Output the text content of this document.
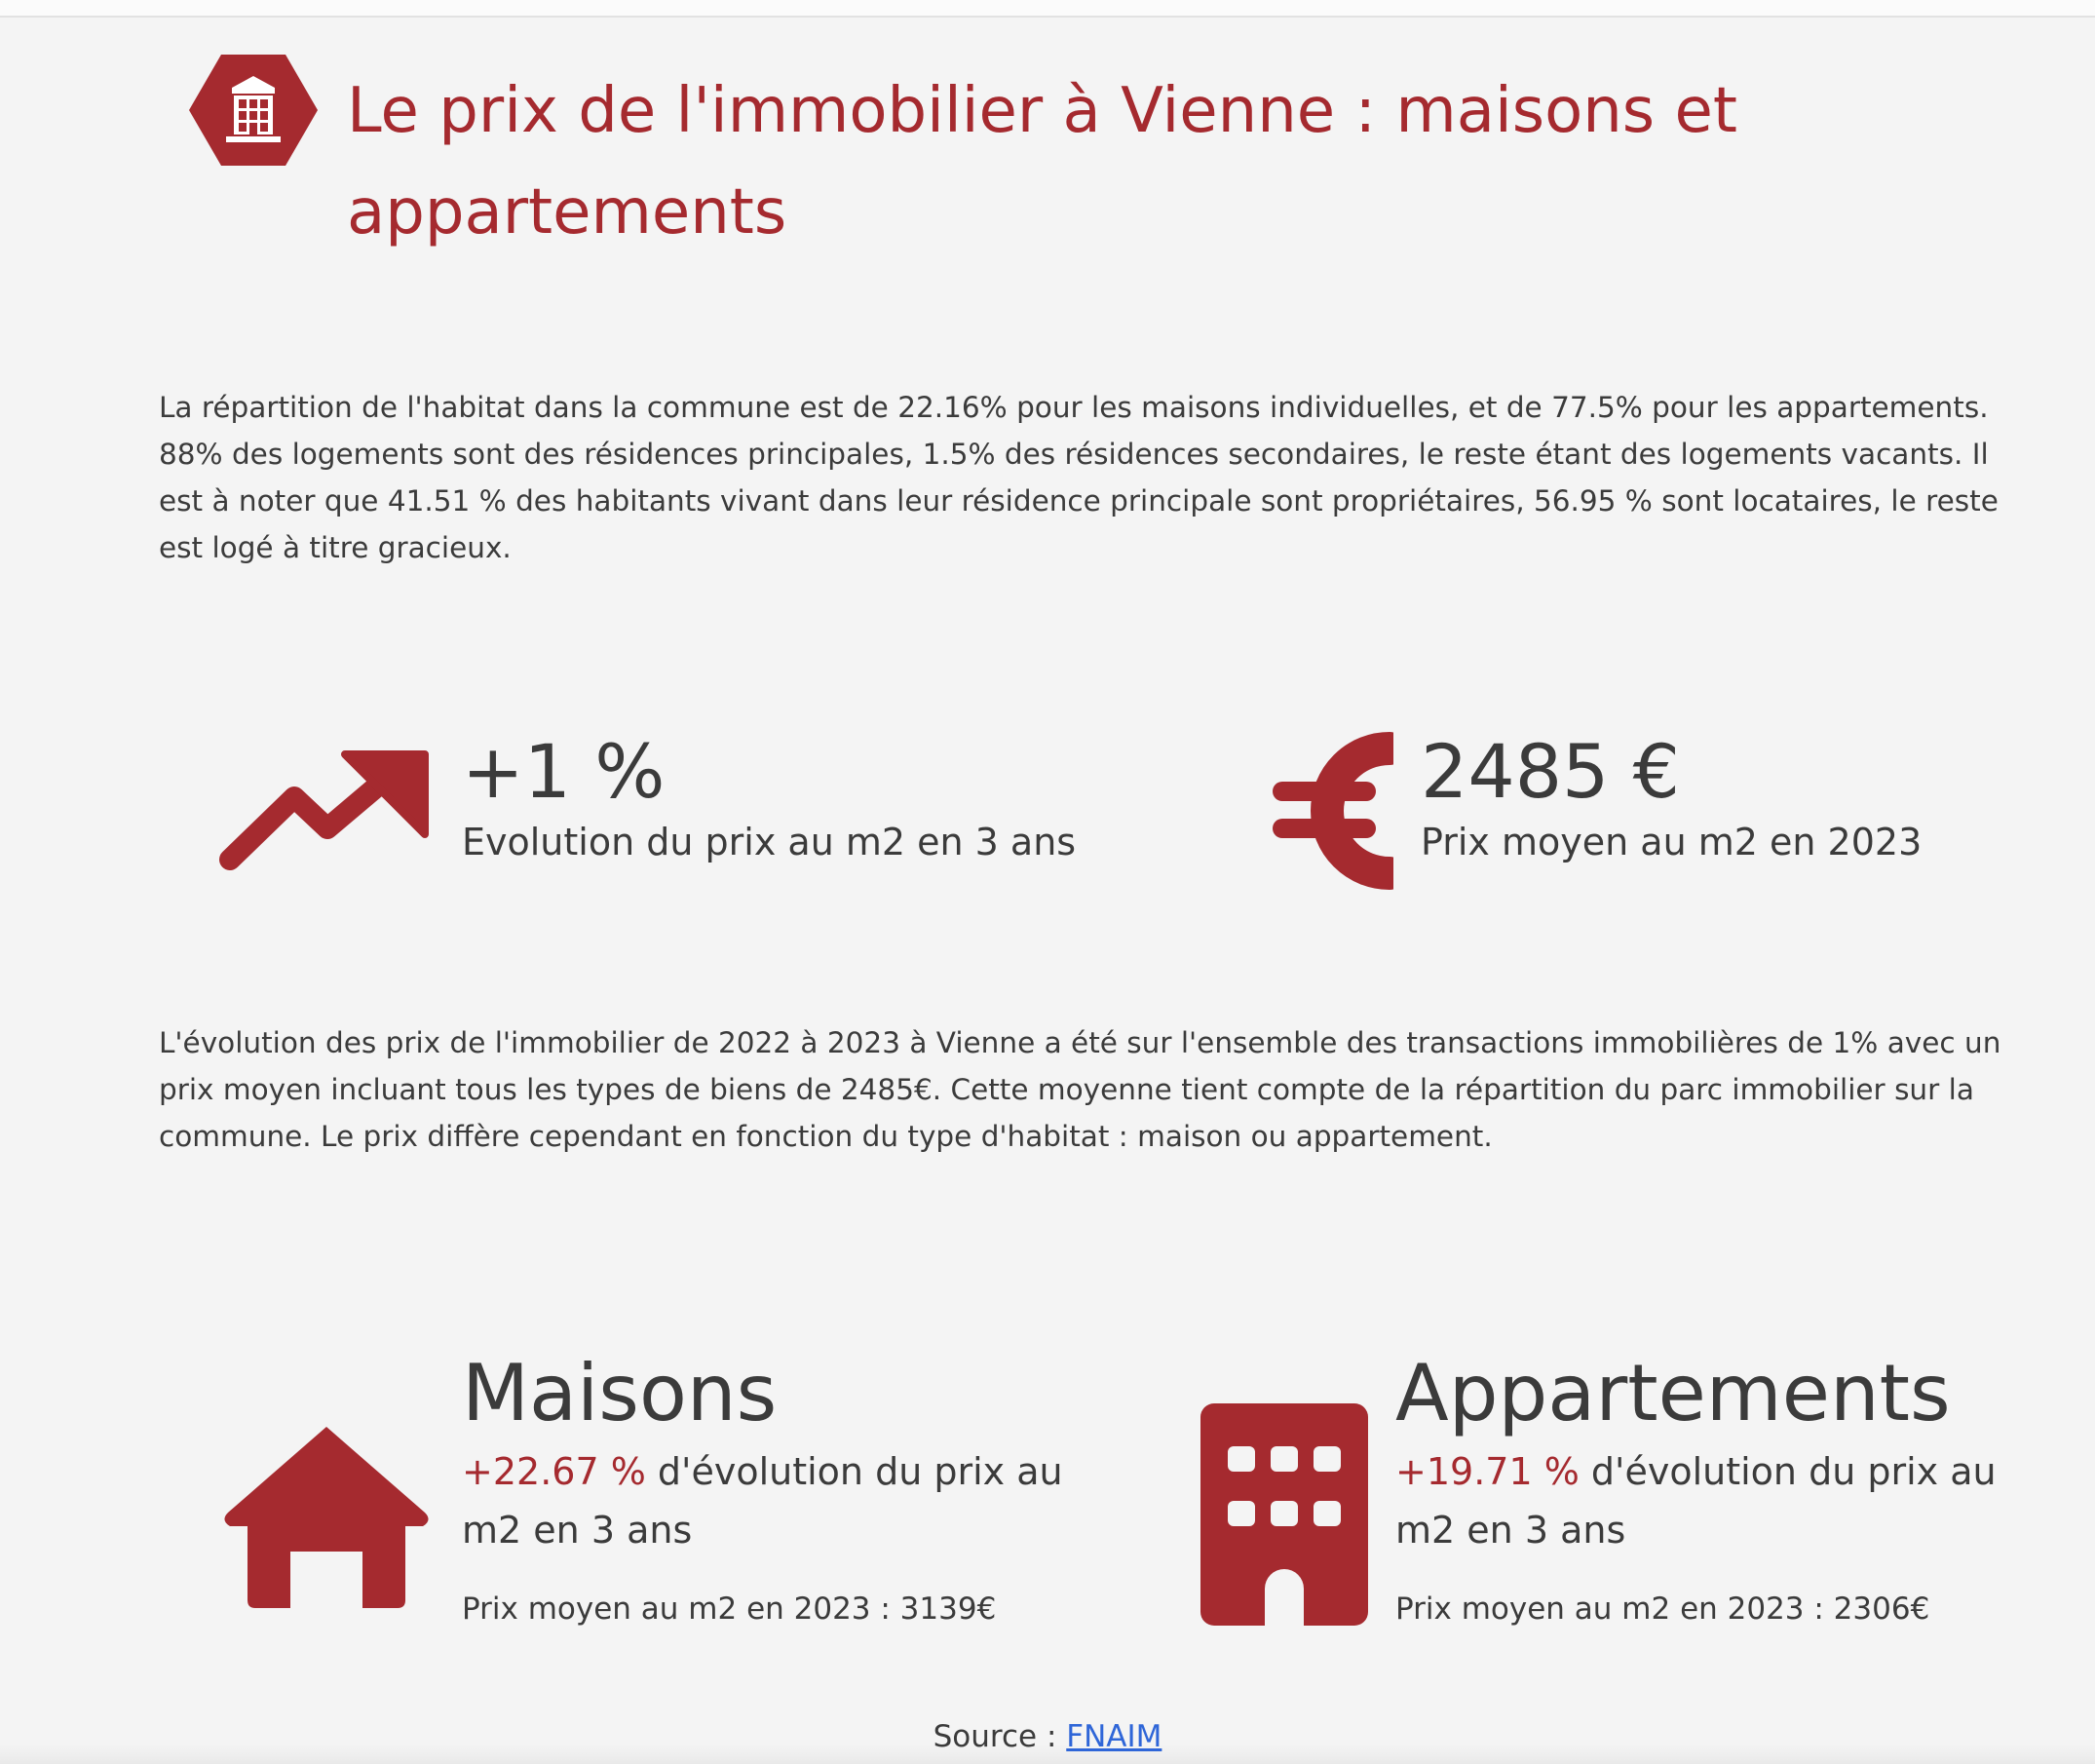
Le prix de l'immobilier à Vienne : maisons et appartements

La répartition de l'habitat dans la commune est de 22.16% pour les maisons individuelles, et de 77.5% pour les appartements. 88% des logements sont des résidences principales, 1.5% des résidences secondaires, le reste étant des logements vacants. Il est à noter que 41.51 % des habitants vivant dans leur résidence principale sont propriétaires, 56.95 % sont locataires, le reste est logé à titre gracieux.

+1 %
Evolution du prix au m2 en 3 ans
2485 €
Prix moyen au m2 en 2023

L'évolution des prix de l'immobilier de 2022 à 2023 à Vienne a été sur l'ensemble des transactions immobilières de 1% avec un prix moyen incluant tous les types de biens de 2485€. Cette moyenne tient compte de la répartition du parc immobilier sur la commune. Le prix diffère cependant en fonction du type d'habitat : maison ou appartement.

Maisons
+22.67 % d'évolution du prix au m2 en 3 ans
Prix moyen au m2 en 2023 : 3139€
Appartements
+19.71 % d'évolution du prix au m2 en 3 ans
Prix moyen au m2 en 2023 : 2306€
Source : FNAIM
